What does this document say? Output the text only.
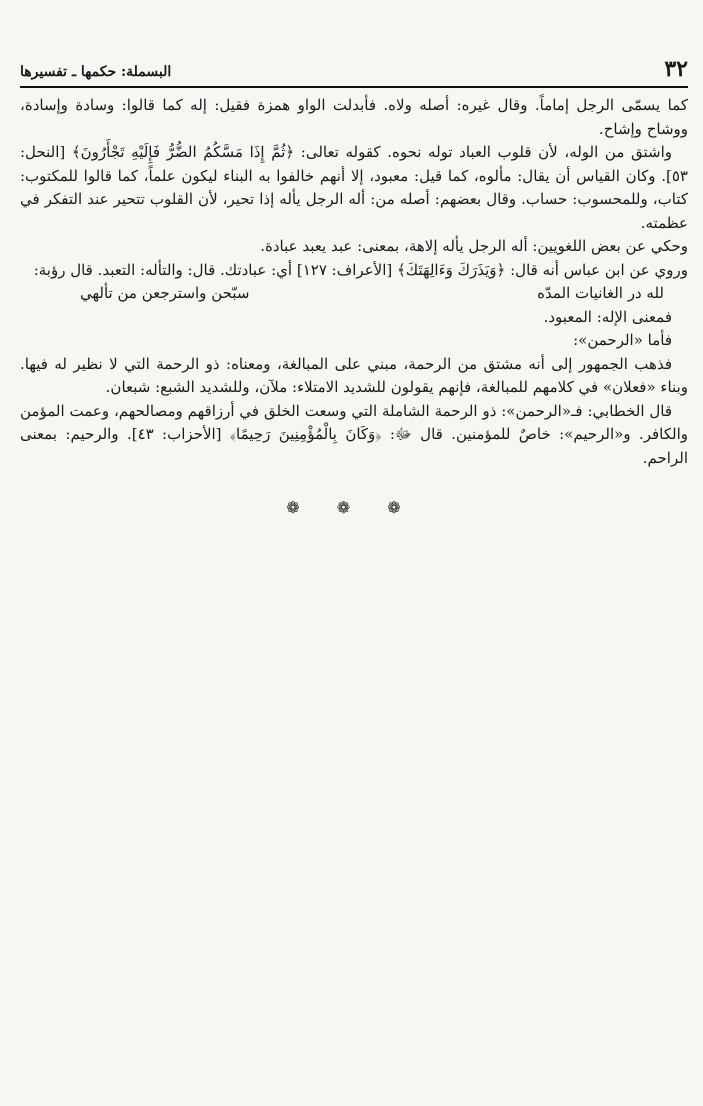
٣٢
البسملة: حكمها ـ تفسيرها

كما يسمّى الرجل إماماً. وقال غيره: أصله ولاه. فأبدلت الواو همزة فقيل: إله كما قالوا: وسادة وإسادة، ووشاح وإشاح.

واشتق من الوله، لأن قلوب العباد توله نحوه. كقوله تعالى: ﴿ثُمَّ إِذَا مَسَّكُمُ الضُّرُّ فَإِلَيْهِ تَجْأَرُونَ﴾ [النحل: ٥٣]. وكان القياس أن يقال: مألوه، كما قيل: معبود، إلا أنهم خالفوا به البناء ليكون علماً، كما قالوا للمكتوب: كتاب، وللمحسوب: حساب. وقال بعضهم: أصله من: أله الرجل يأله إذا تحير، لأن القلوب تتحير عند التفكر في عظمته.

وحكي عن بعض اللغويين: أله الرجل يأله إلاهة، بمعنى: عبد يعبد عبادة.

وروي عن ابن عباس أنه قال: ﴿وَيَذَرَكَ وَءَالِهَتَكَ﴾ [الأعراف: ١٢٧] أي: عبادتك. قال: والتأله: التعبد. قال رؤبة:

لله در الغانيات المدّه
سبّحن واسترجعن من تألهي

فمعنى الإله: المعبود.

فأما «الرحمن»:

فذهب الجمهور إلى أنه مشتق من الرحمة، مبني على المبالغة، ومعناه: ذو الرحمة التي لا نظير له فيها. وبناء «فعلان» في كلامهم للمبالغة، فإنهم يقولون للشديد الامتلاء: ملآن، وللشديد الشبع: شبعان.

قال الخطابي: فـ«الرحمن»: ذو الرحمة الشاملة التي وسعت الخلق في أرزاقهم ومصالحهم، وعمت المؤمن والكافر. و«الرحيم»: خاصٌ للمؤمنين. قال ﷻ: ﴿وَكَانَ بِالْمُؤْمِنِينَ رَحِيمًا﴾ [الأحزاب: ٤٣]. والرحيم: بمعنى الراحم.

❁ ❁ ❁
